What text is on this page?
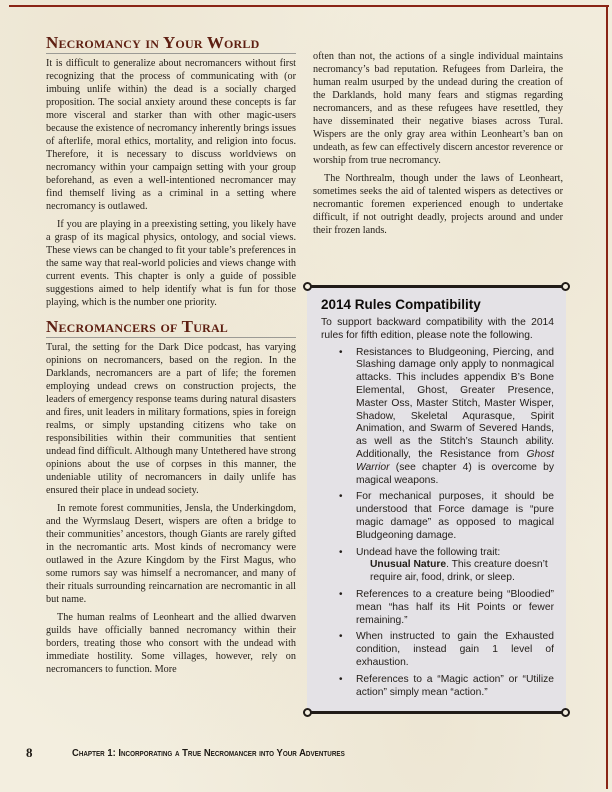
Necromancy in Your World

It is difficult to generalize about necromancers without first recognizing that the process of communicating with (or imbuing unlife within) the dead is a socially charged proposition. The social anxiety around these concepts is far more visceral and starker than with other magic-users because the existence of necromancy inherently brings issues of afterlife, moral ethics, mortality, and religion into focus. Therefore, it is necessary to discuss worldviews on necromancy within your campaign setting with your group beforehand, as even a well-intentioned necromancer may find themself living as a criminal in a setting where necromancy is outlawed.

If you are playing in a preexisting setting, you likely have a grasp of its magical physics, ontology, and social views. These views can be changed to fit your table’s preferences in the same way that real-world policies and views change with current events. This chapter is only a guide of possible suggestions aimed to help identify what is fun for those playing, which is the number one priority.

Necromancers of Tural

Tural, the setting for the Dark Dice podcast, has varying opinions on necromancers, based on the region. In the Darklands, necromancers are a part of life; the foremen employing undead crews on construction projects, the leaders of emergency response teams during natural disasters and fires, unit leaders in military formations, spies in foreign realms, or simply upstanding citizens who take on responsibilities within their communities that sentient undead find difficult. Although many Untethered have strong opinions about the use of corpses in this manner, the undeniable utility of necromancers in daily unlife has ensured their place in undead society.

In remote forest communities, Jensla, the Underkingdom, and the Wyrmslaug Desert, wispers are often a bridge to their communities’ ancestors, though Giants are rarely gifted in the necromantic arts. Most kinds of necromancy were outlawed in the Azure Kingdom by the First Magus, who some rumors say was himself a necromancer, and many of their rituals surrounding reincarnation are necromantic in all but name.

The human realms of Leonheart and the allied dwarven guilds have officially banned necromancy within their borders, treating those who consort with the undead with immediate hostility. Some villages, however, rely on necromancers to function. More

often than not, the actions of a single individual maintains necromancy’s bad reputation. Refugees from Darleira, the human realm usurped by the undead during the creation of the Darklands, hold many fears and stigmas regarding necromancers, and as these refugees have resettled, they have disseminated their negative biases across Tural. Wispers are the only gray area within Leonheart’s ban on undeath, as few can effectively discern ancestor reverence or worship from true necromancy.

The Northrealm, though under the laws of Leonheart, sometimes seeks the aid of talented wispers as detectives or necromantic foremen experienced enough to undertake difficult, if not outright deadly, projects around and under their frozen lands.

2014 Rules Compatibility

To support backward compatibility with the 2014 rules for fifth edition, please note the following.

• Resistances to Bludgeoning, Piercing, and Slashing damage only apply to nonmagical attacks. This includes appendix B’s Bone Elemental, Ghost, Greater Presence, Master Oss, Master Stitch, Master Wisper, Shadow, Skeletal Aqurasque, Spirit Animation, and Swarm of Severed Hands, as well as the Stitch’s Staunch ability. Additionally, the Resistance from Ghost Warrior (see chapter 4) is overcome by magical weapons.
• For mechanical purposes, it should be understood that Force damage is “pure magic damage” as opposed to magical Bludgeoning damage.
• Undead have the following trait:
Unusual Nature. This creature doesn’t require air, food, drink, or sleep.
• References to a creature being “Bloodied” mean “has half its Hit Points or fewer remaining.”
• When instructed to gain the Exhausted condition, instead gain 1 level of exhaustion.
• References to a “Magic action” or “Utilize action” simply mean “action.”
8	Chapter 1: Incorporating a True Necromancer into Your Adventures
